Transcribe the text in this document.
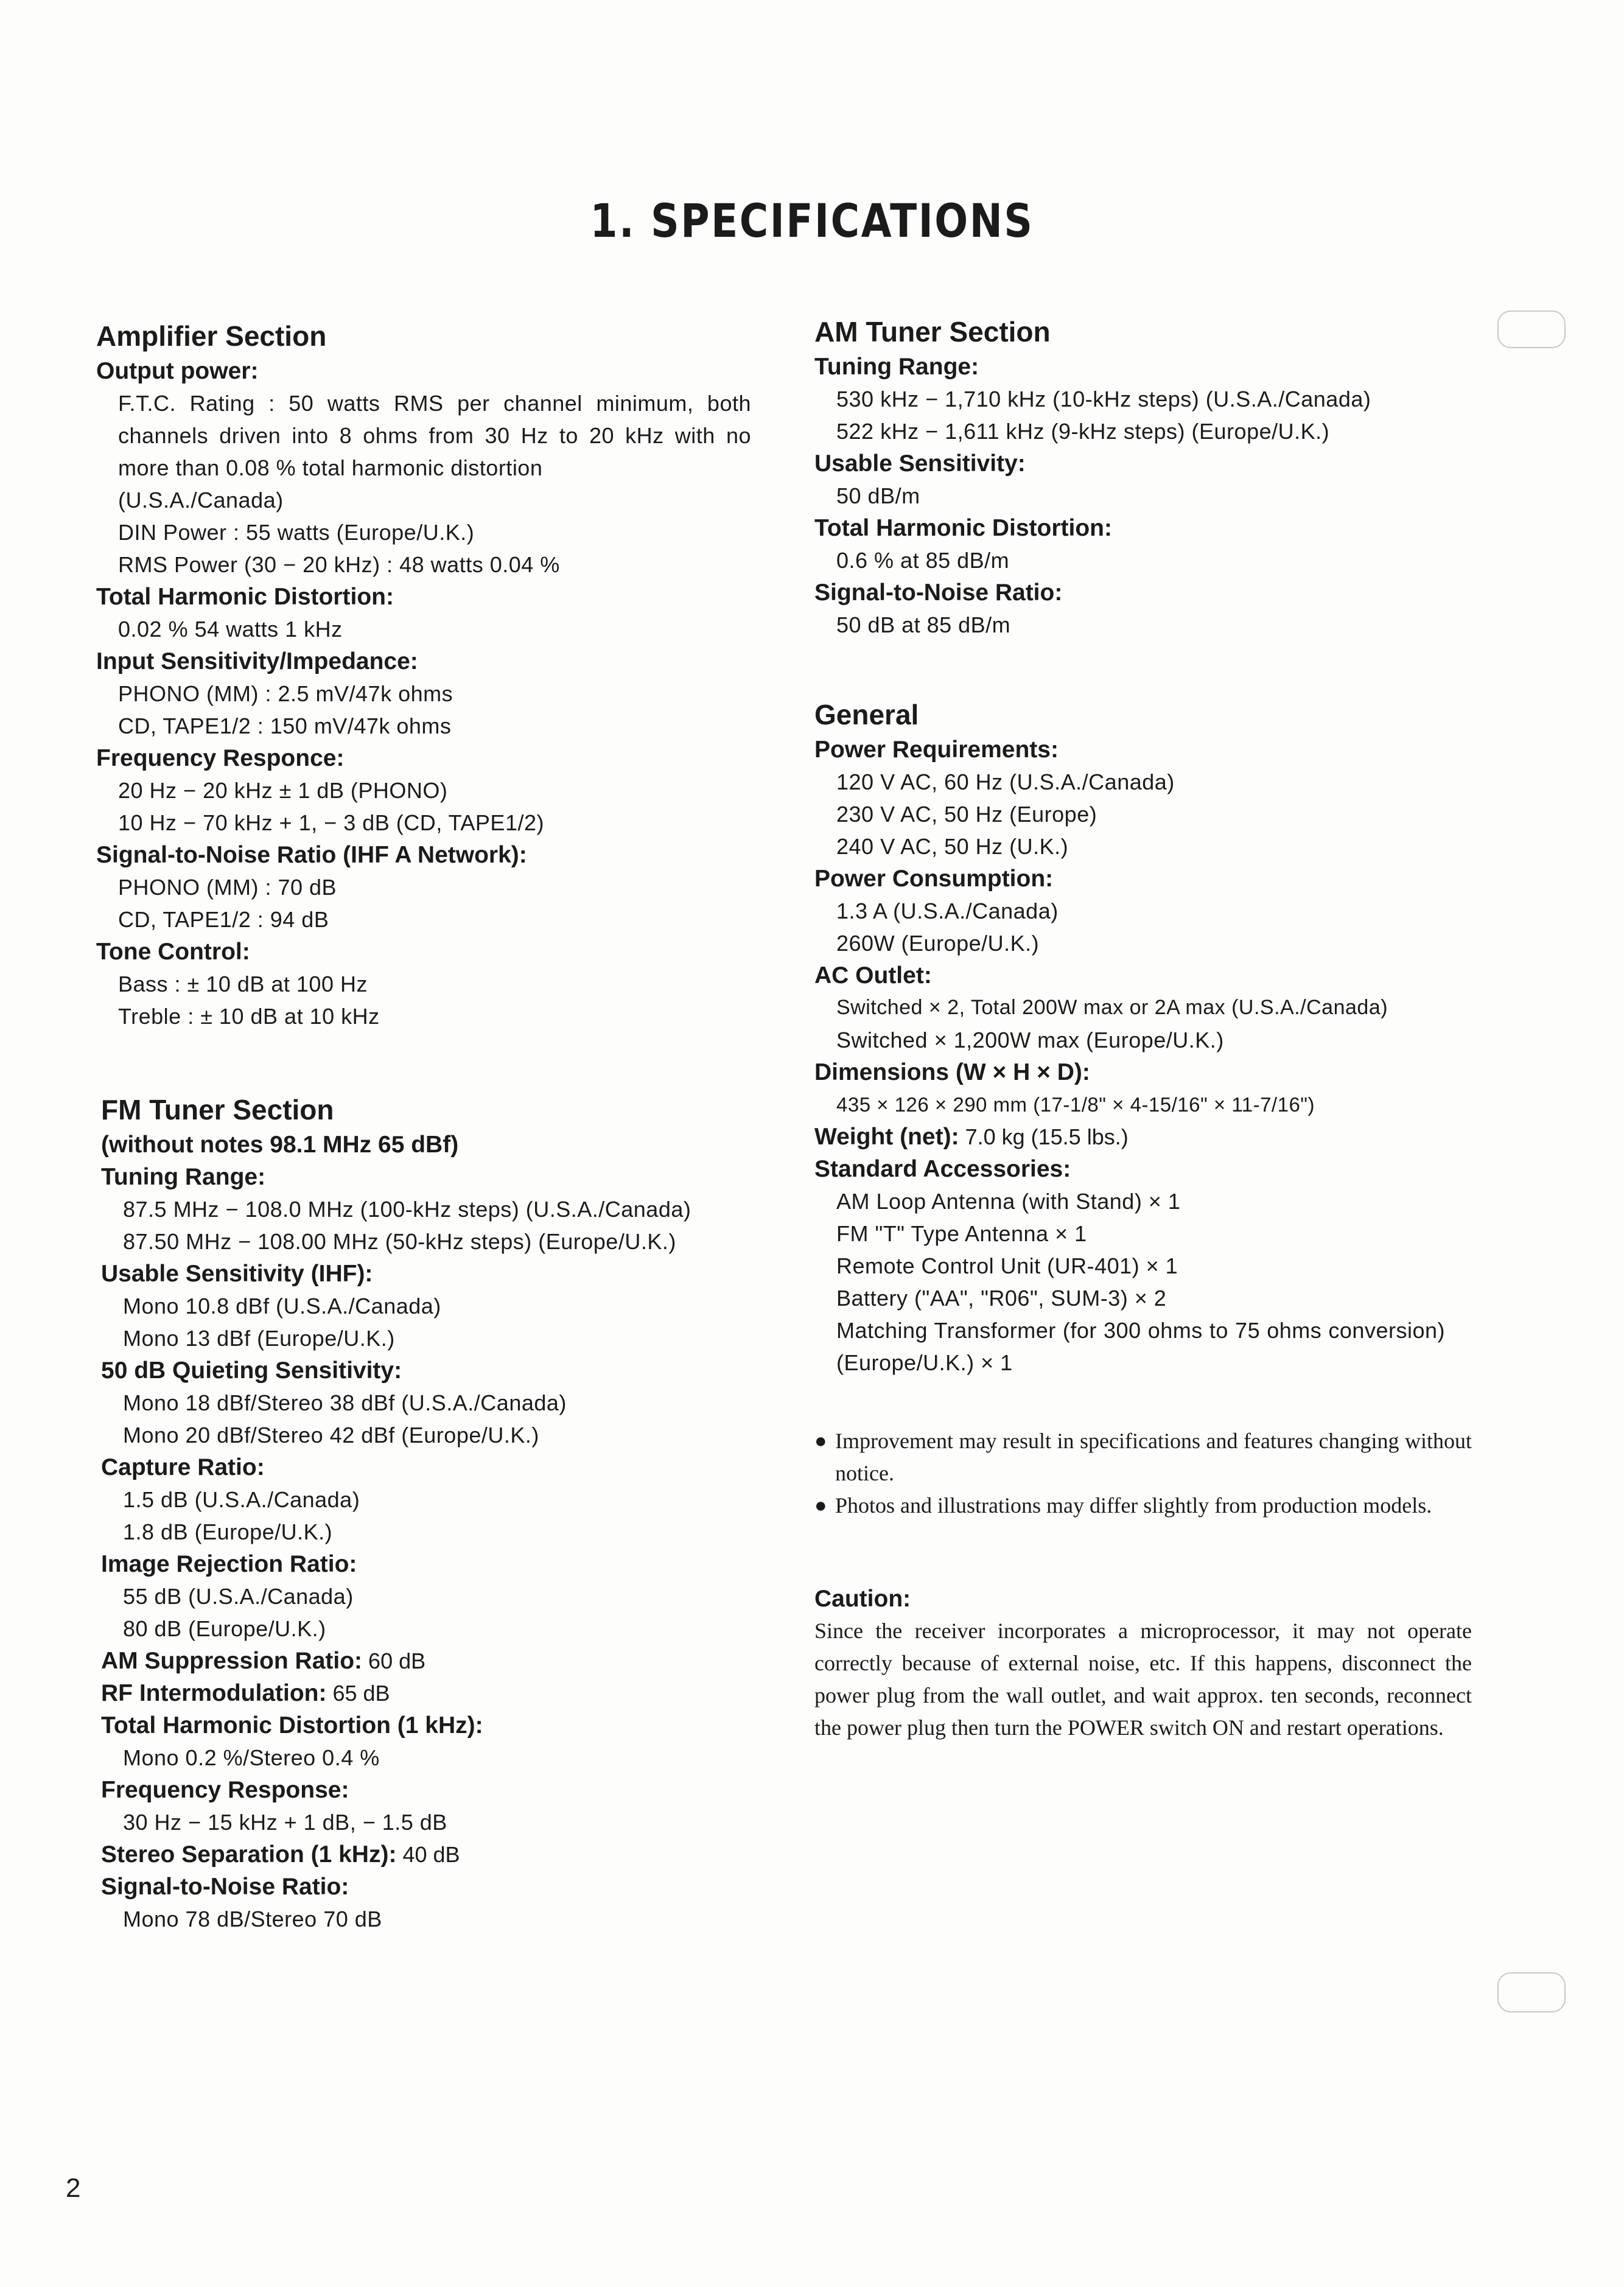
1. SPECIFICATIONS
Amplifier Section
Output power:
F.T.C. Rating : 50 watts RMS per channel minimum, both channels driven into 8 ohms from 30 Hz to 20 kHz with no more than 0.08 % total harmonic distortion
(U.S.A./Canada)
DIN Power : 55 watts (Europe/U.K.)
RMS Power (30 − 20 kHz) : 48 watts 0.04 %
Total Harmonic Distortion:
0.02 % 54 watts 1 kHz
Input Sensitivity/Impedance:
PHONO (MM) : 2.5 mV/47k ohms
CD, TAPE1/2 : 150 mV/47k ohms
Frequency Responce:
20 Hz − 20 kHz ± 1 dB (PHONO)
10 Hz − 70 kHz + 1, − 3 dB (CD, TAPE1/2)
Signal-to-Noise Ratio (IHF A Network):
PHONO (MM) : 70 dB
CD, TAPE1/2 : 94 dB
Tone Control:
Bass : ± 10 dB at 100 Hz
Treble : ± 10 dB at 10 kHz
FM Tuner Section
(without notes 98.1 MHz 65 dBf)
Tuning Range:
87.5 MHz − 108.0 MHz (100-kHz steps) (U.S.A./Canada)
87.50 MHz − 108.00 MHz (50-kHz steps) (Europe/U.K.)
Usable Sensitivity (IHF):
Mono 10.8 dBf (U.S.A./Canada)
Mono 13 dBf (Europe/U.K.)
50 dB Quieting Sensitivity:
Mono 18 dBf/Stereo 38 dBf (U.S.A./Canada)
Mono 20 dBf/Stereo 42 dBf (Europe/U.K.)
Capture Ratio:
1.5 dB (U.S.A./Canada)
1.8 dB (Europe/U.K.)
Image Rejection Ratio:
55 dB (U.S.A./Canada)
80 dB (Europe/U.K.)
AM Suppression Ratio: 60 dB
RF Intermodulation: 65 dB
Total Harmonic Distortion (1 kHz):
Mono 0.2 %/Stereo 0.4 %
Frequency Response:
30 Hz − 15 kHz + 1 dB, − 1.5 dB
Stereo Separation (1 kHz): 40 dB
Signal-to-Noise Ratio:
Mono 78 dB/Stereo 70 dB
AM Tuner Section
Tuning Range:
530 kHz − 1,710 kHz (10-kHz steps) (U.S.A./Canada)
522 kHz − 1,611 kHz (9-kHz steps) (Europe/U.K.)
Usable Sensitivity:
50 dB/m
Total Harmonic Distortion:
0.6 % at 85 dB/m
Signal-to-Noise Ratio:
50 dB at 85 dB/m
General
Power Requirements:
120 V AC, 60 Hz (U.S.A./Canada)
230 V AC, 50 Hz (Europe)
240 V AC, 50 Hz (U.K.)
Power Consumption:
1.3 A (U.S.A./Canada)
260W (Europe/U.K.)
AC Outlet:
Switched × 2, Total 200W max or 2A max (U.S.A./Canada)
Switched × 1,200W max (Europe/U.K.)
Dimensions (W × H × D):
435 × 126 × 290 mm (17-1/8" × 4-15/16" × 11-7/16")
Weight (net): 7.0 kg (15.5 lbs.)
Standard Accessories:
AM Loop Antenna (with Stand) × 1
FM "T" Type Antenna × 1
Remote Control Unit (UR-401) × 1
Battery ("AA", "R06", SUM-3) × 2
Matching Transformer (for 300 ohms to 75 ohms conversion) (Europe/U.K.) × 1
● Improvement may result in specifications and features changing without notice.
● Photos and illustrations may differ slightly from production models.
Caution:
Since the receiver incorporates a microprocessor, it may not operate correctly because of external noise, etc. If this happens, disconnect the power plug from the wall outlet, and wait approx. ten seconds, reconnect the power plug then turn the POWER switch ON and restart operations.
2
